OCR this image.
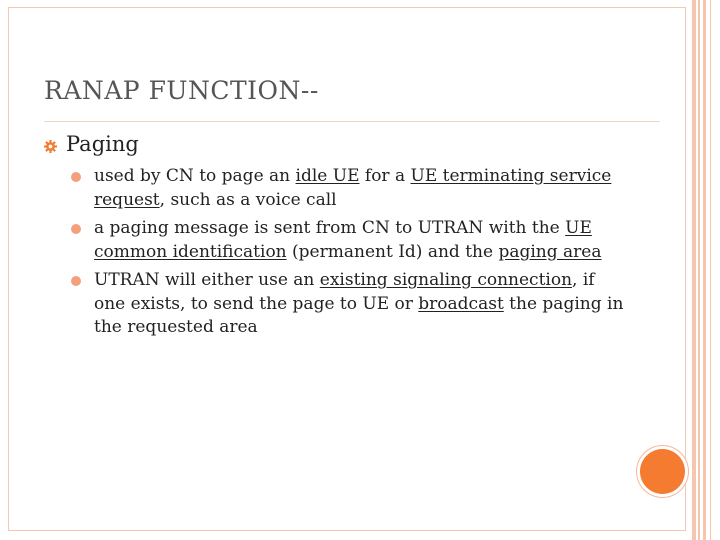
RANAP FUNCTION--
Paging
used by CN to page an idle UE for a UE terminating service request, such as a voice call
a paging message is sent from CN to UTRAN with the UE common identification (permanent Id) and the paging area
UTRAN will either use an existing signaling connection, if one exists, to send the page to UE or broadcast the paging in the requested area
